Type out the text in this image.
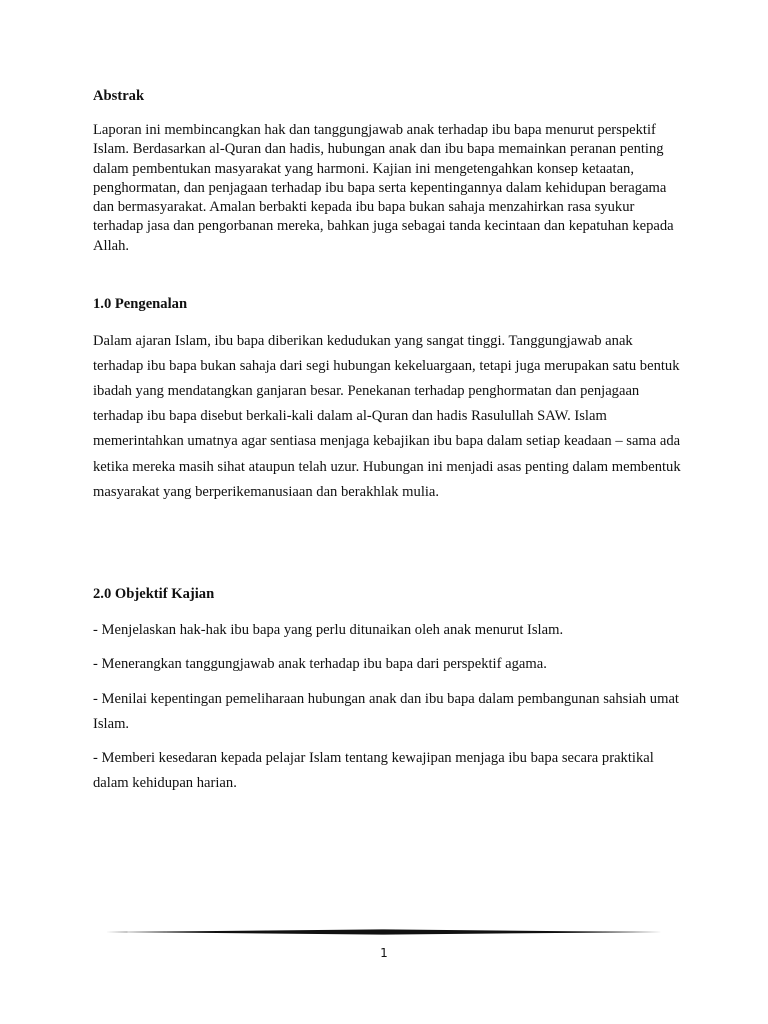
Abstrak

Laporan ini membincangkan hak dan tanggungjawab anak terhadap ibu bapa menurut perspektif Islam. Berdasarkan al-Quran dan hadis, hubungan anak dan ibu bapa memainkan peranan penting dalam pembentukan masyarakat yang harmoni. Kajian ini mengetengahkan konsep ketaatan, penghormatan, dan penjagaan terhadap ibu bapa serta kepentingannya dalam kehidupan beragama dan bermasyarakat. Amalan berbakti kepada ibu bapa bukan sahaja menzahirkan rasa syukur terhadap jasa dan pengorbanan mereka, bahkan juga sebagai tanda kecintaan dan kepatuhan kepada Allah.

1.0 Pengenalan

Dalam ajaran Islam, ibu bapa diberikan kedudukan yang sangat tinggi. Tanggungjawab anak terhadap ibu bapa bukan sahaja dari segi hubungan kekeluargaan, tetapi juga merupakan satu bentuk ibadah yang mendatangkan ganjaran besar. Penekanan terhadap penghormatan dan penjagaan terhadap ibu bapa disebut berkali-kali dalam al-Quran dan hadis Rasulullah SAW. Islam memerintahkan umatnya agar sentiasa menjaga kebajikan ibu bapa dalam setiap keadaan – sama ada ketika mereka masih sihat ataupun telah uzur. Hubungan ini menjadi asas penting dalam membentuk masyarakat yang berperikemanusiaan dan berakhlak mulia.

2.0 Objektif Kajian

- Menjelaskan hak-hak ibu bapa yang perlu ditunaikan oleh anak menurut Islam.

- Menerangkan tanggungjawab anak terhadap ibu bapa dari perspektif agama.

- Menilai kepentingan pemeliharaan hubungan anak dan ibu bapa dalam pembangunan sahsiah umat Islam.

- Memberi kesedaran kepada pelajar Islam tentang kewajipan menjaga ibu bapa secara praktikal dalam kehidupan harian.

1
